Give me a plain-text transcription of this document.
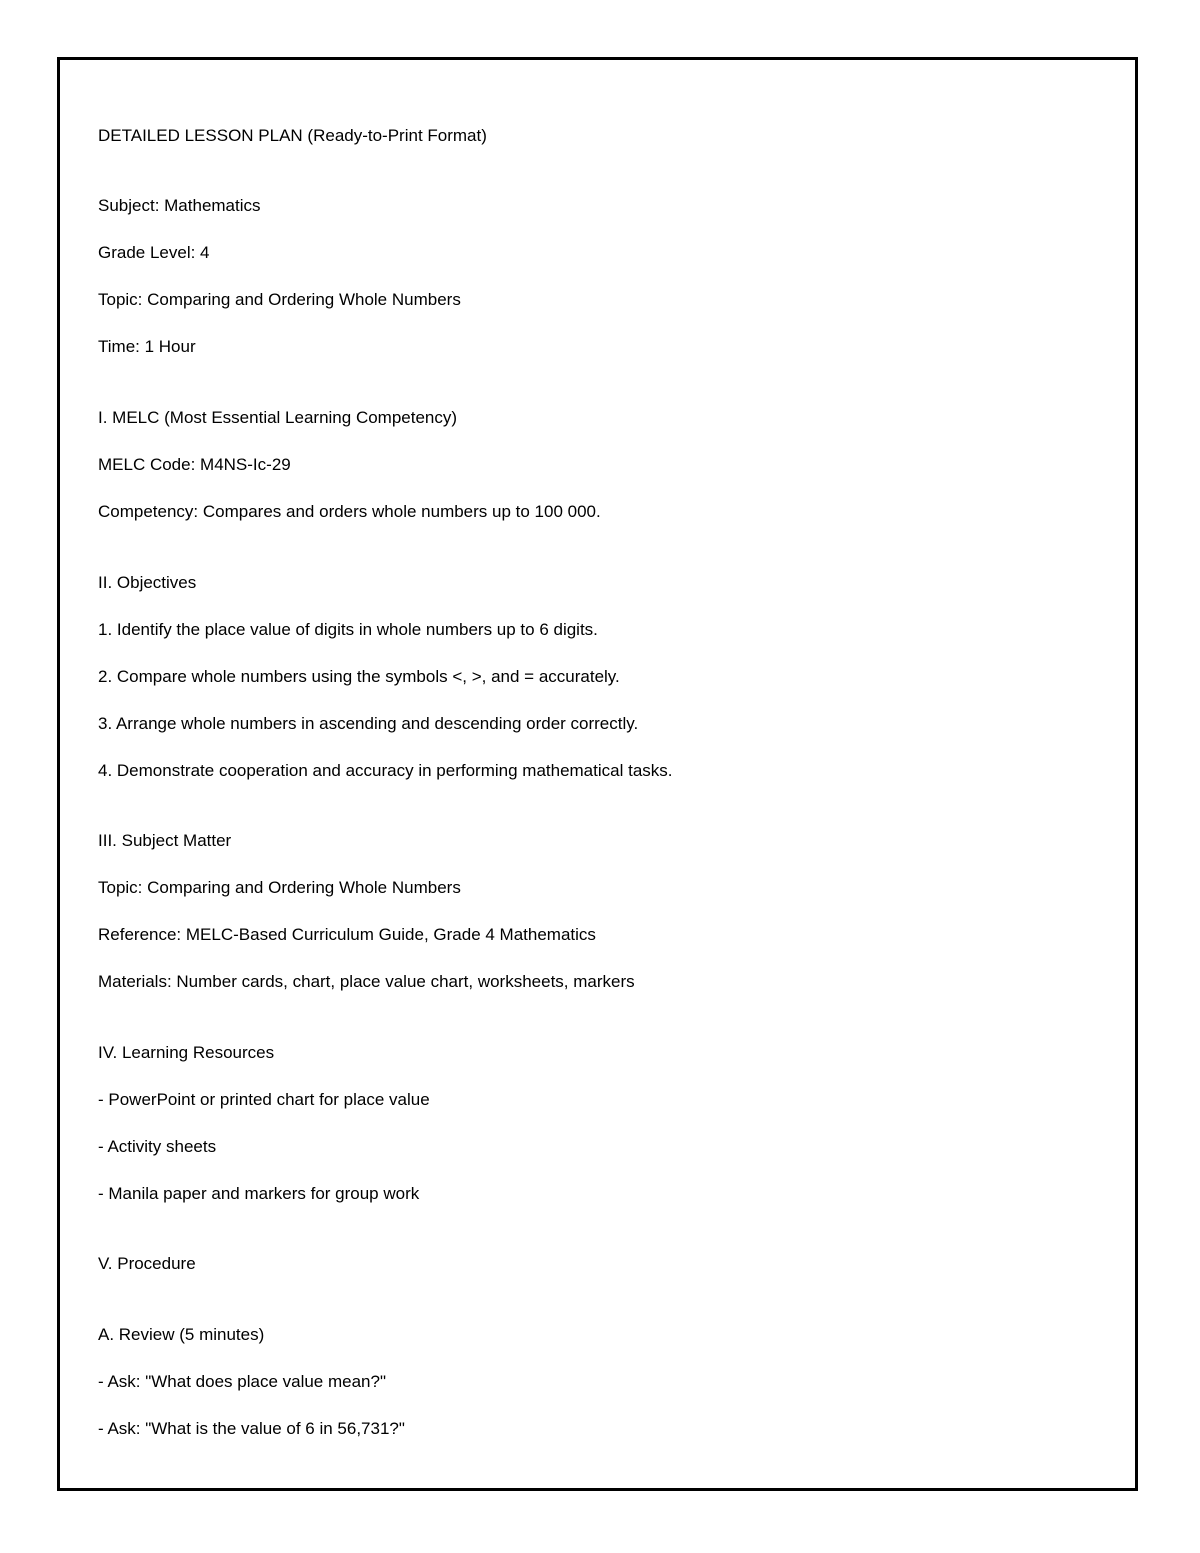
DETAILED LESSON PLAN (Ready-to-Print Format)
Subject: Mathematics
Grade Level: 4
Topic: Comparing and Ordering Whole Numbers
Time: 1 Hour
I. MELC (Most Essential Learning Competency)
MELC Code: M4NS-Ic-29
Competency: Compares and orders whole numbers up to 100 000.
II. Objectives
1. Identify the place value of digits in whole numbers up to 6 digits.
2. Compare whole numbers using the symbols <, >, and = accurately.
3. Arrange whole numbers in ascending and descending order correctly.
4. Demonstrate cooperation and accuracy in performing mathematical tasks.
III. Subject Matter
Topic: Comparing and Ordering Whole Numbers
Reference: MELC-Based Curriculum Guide, Grade 4 Mathematics
Materials: Number cards, chart, place value chart, worksheets, markers
IV. Learning Resources
- PowerPoint or printed chart for place value
- Activity sheets
- Manila paper and markers for group work
V. Procedure
A. Review (5 minutes)
- Ask: "What does place value mean?"
- Ask: "What is the value of 6 in 56,731?"
